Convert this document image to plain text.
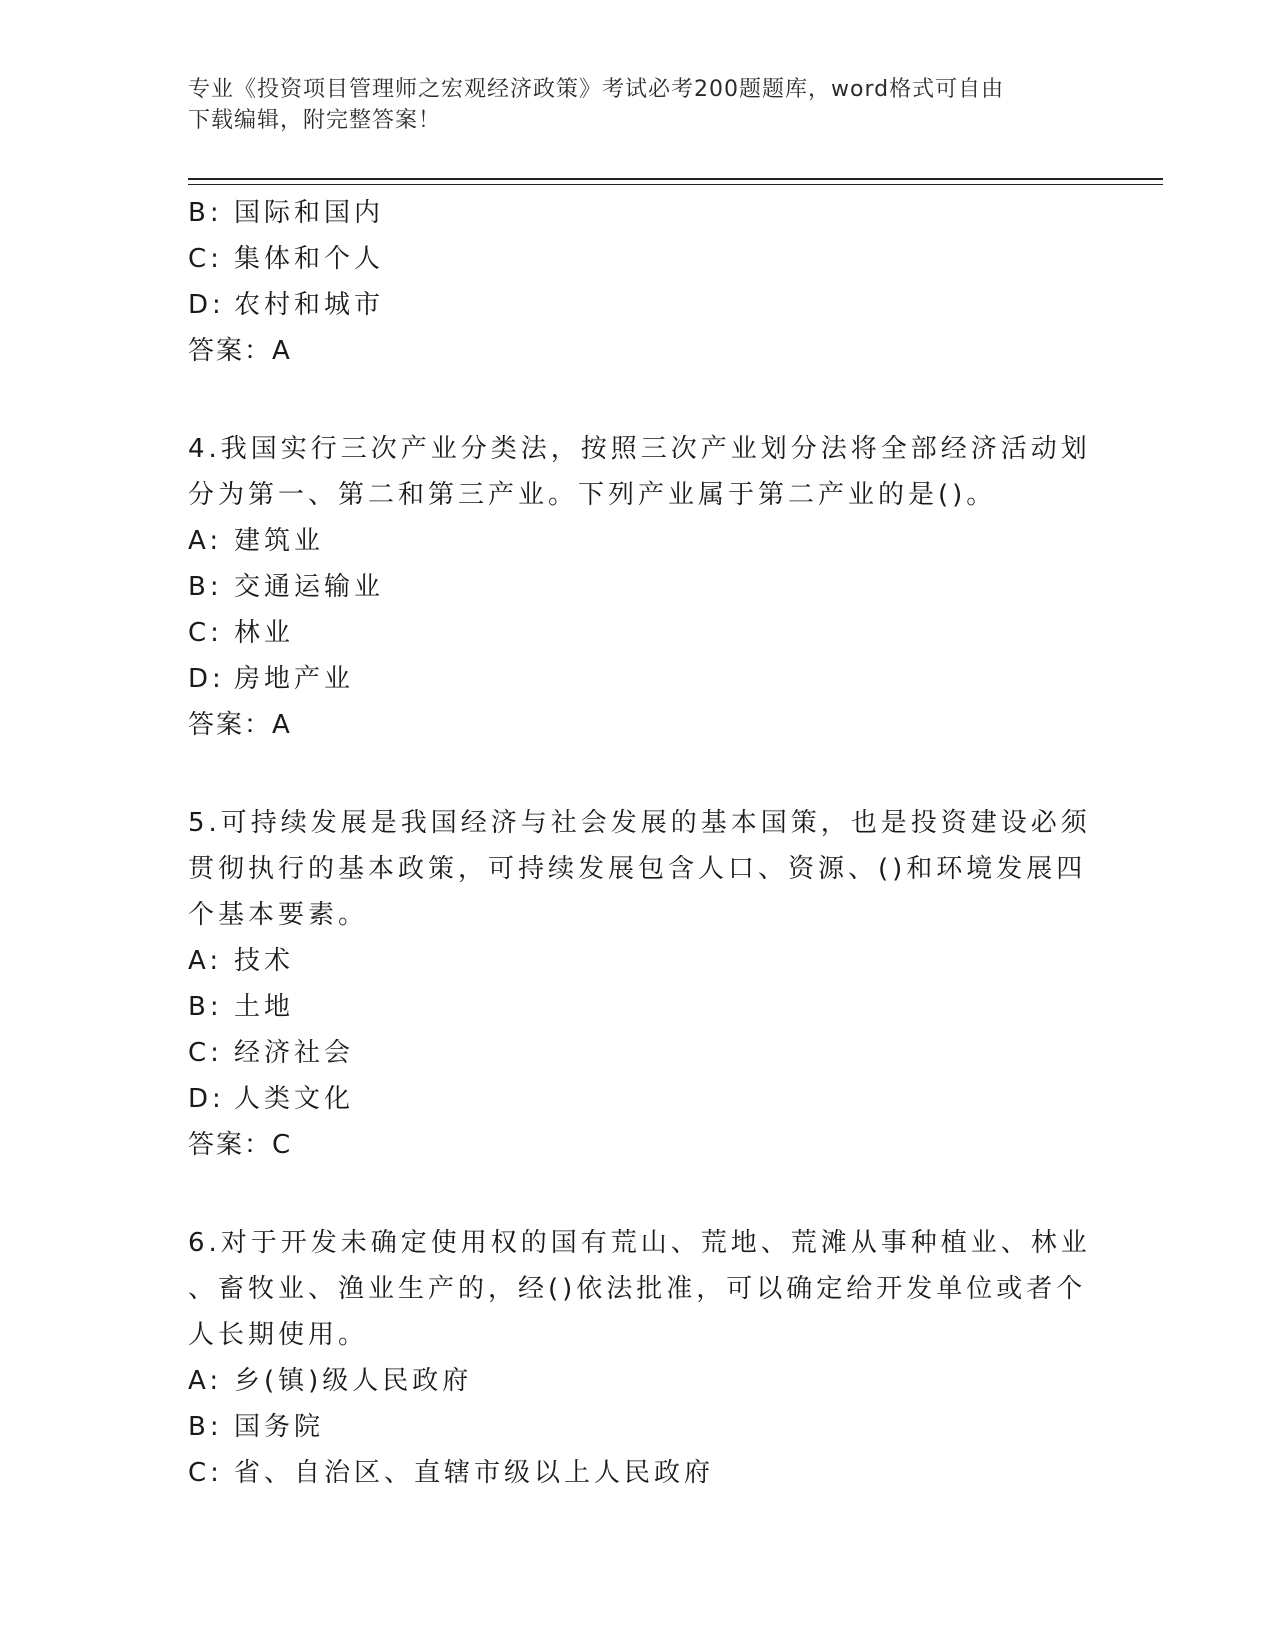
专业《投资项目管理师之宏观经济政策》考试必考200题题库，word格式可自由
下载编辑，附完整答案！
B: 国际和国内
C: 集体和个人
D: 农村和城市
答案：A
4.我国实行三次产业分类法，按照三次产业划分法将全部经济活动划
分为第一、第二和第三产业。下列产业属于第二产业的是()。
A: 建筑业
B: 交通运输业
C: 林业
D: 房地产业
答案：A
5.可持续发展是我国经济与社会发展的基本国策，也是投资建设必须
贯彻执行的基本政策，可持续发展包含人口、资源、()和环境发展四
个基本要素。
A: 技术
B: 土地
C: 经济社会
D: 人类文化
答案：C
6.对于开发未确定使用权的国有荒山、荒地、荒滩从事种植业、林业
、畜牧业、渔业生产的，经()依法批准，可以确定给开发单位或者个
人长期使用。
A: 乡(镇)级人民政府
B: 国务院
C: 省、自治区、直辖市级以上人民政府
